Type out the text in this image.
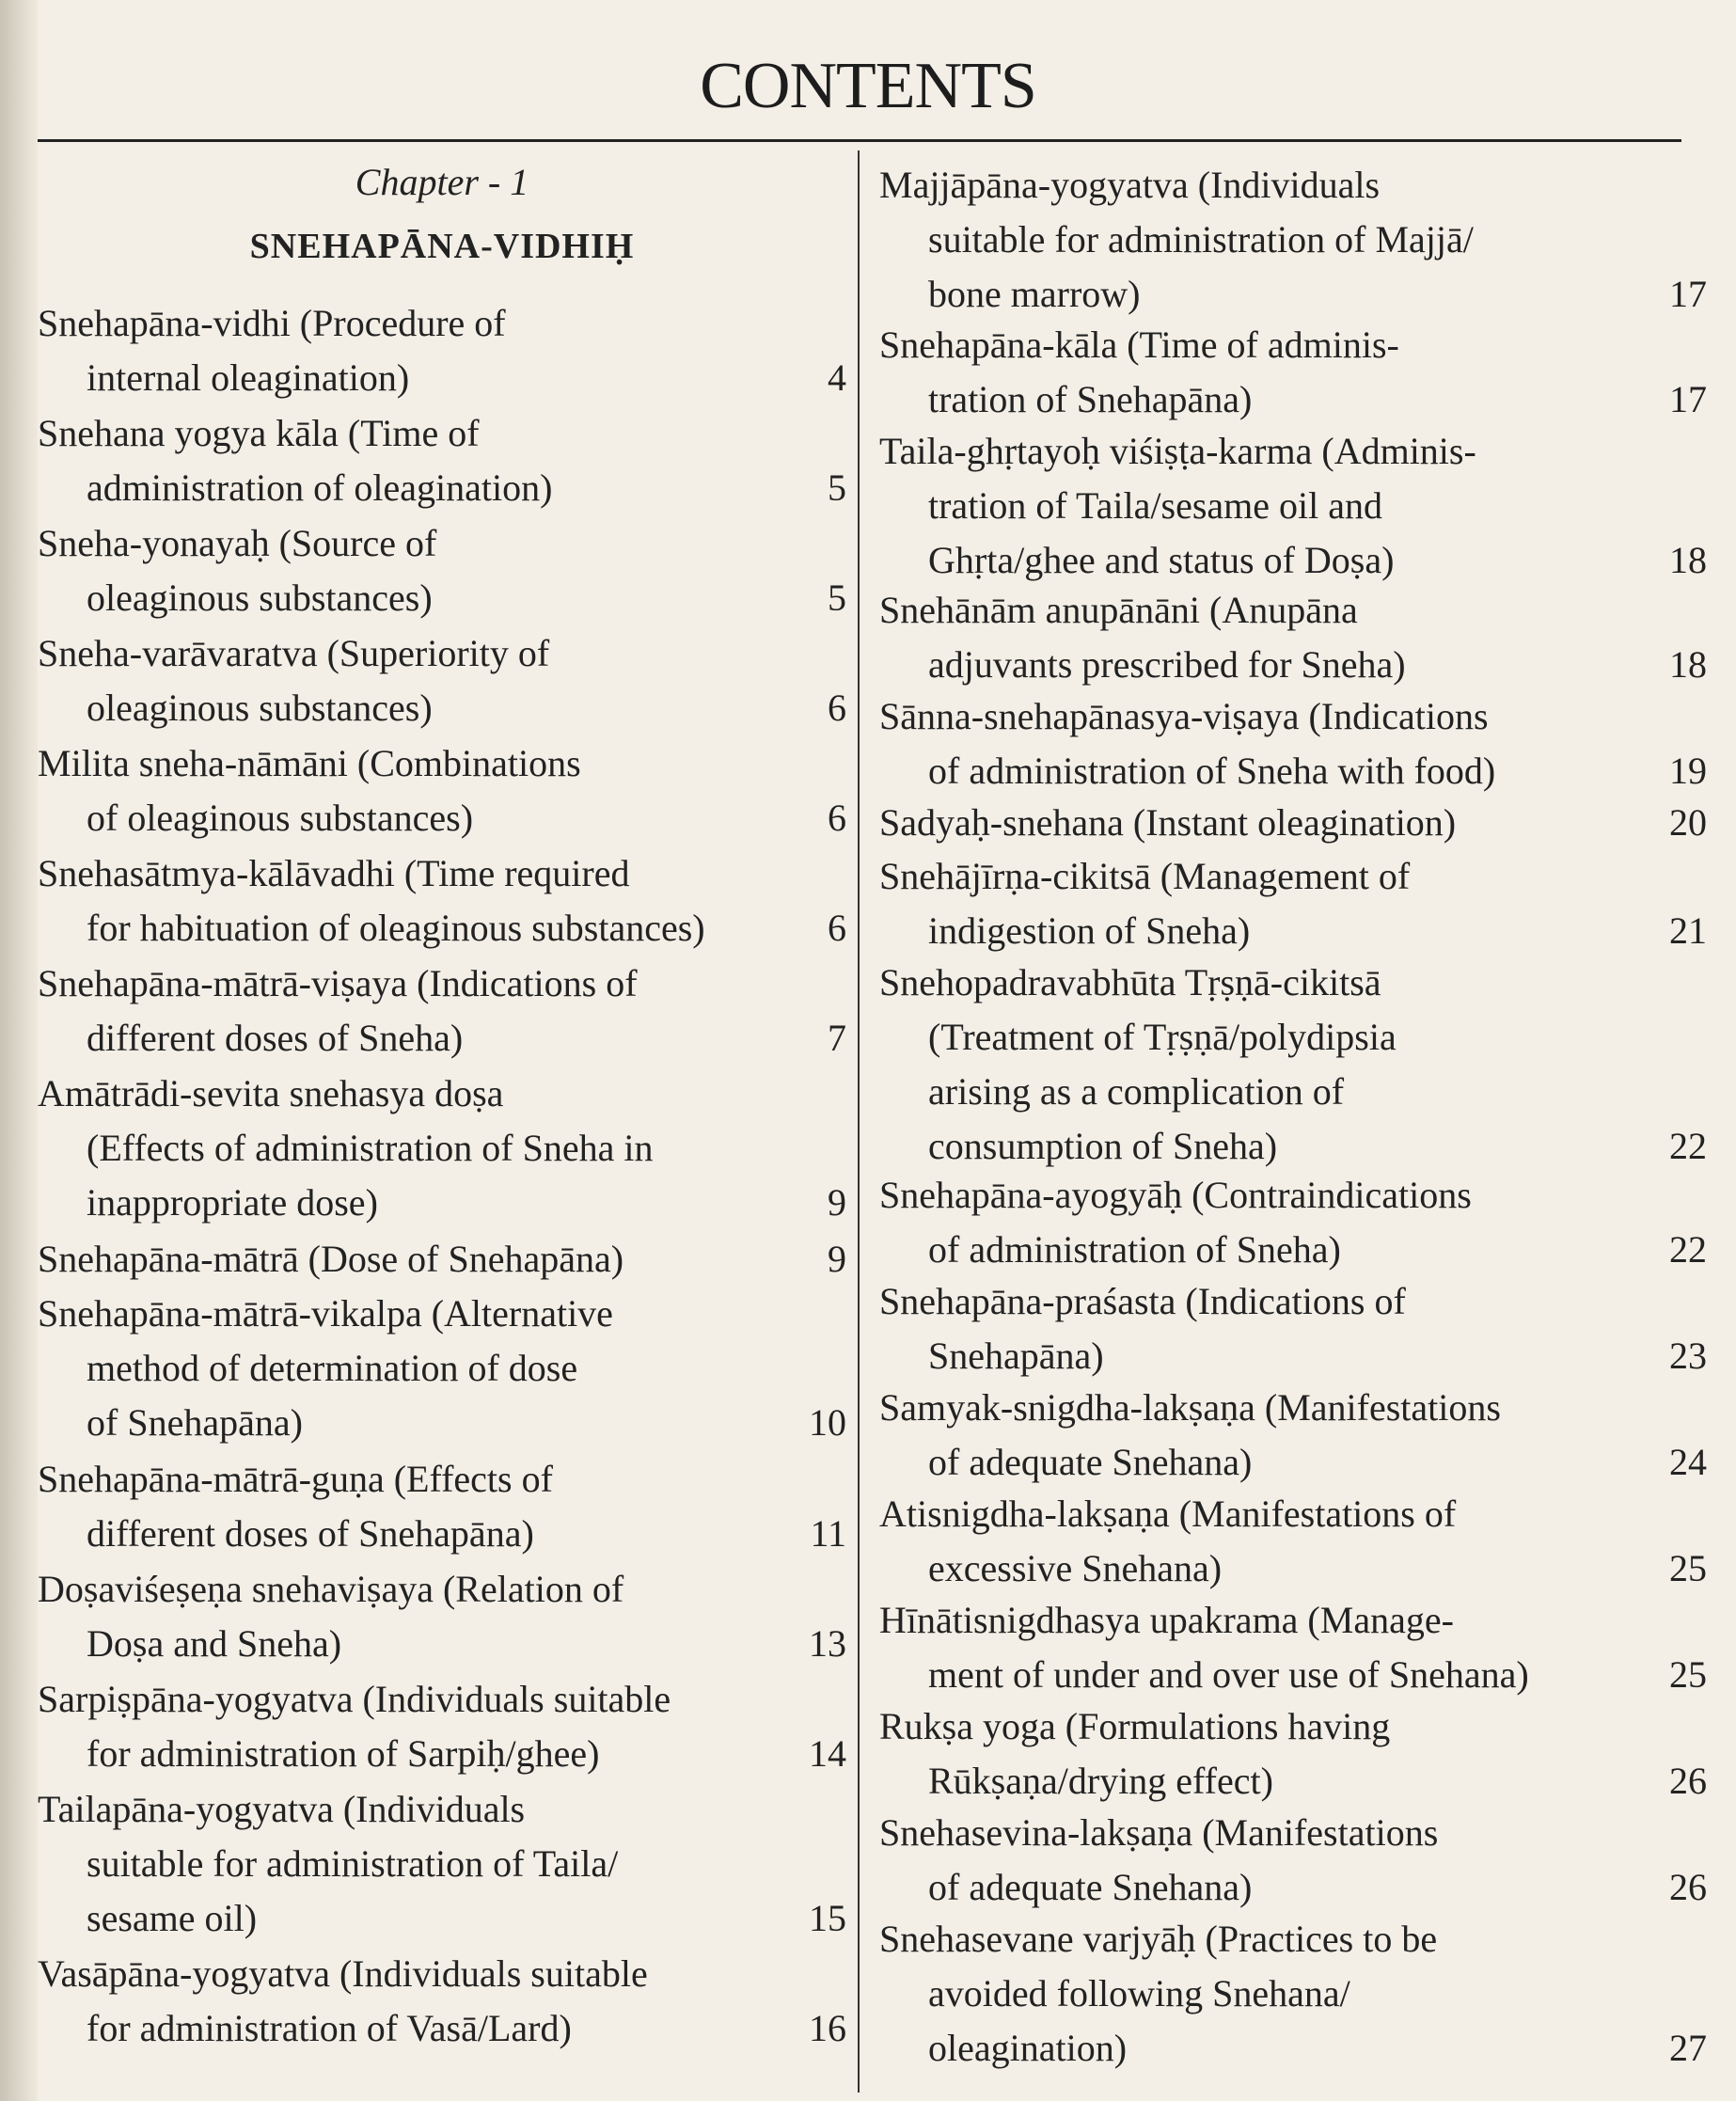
CONTENTS
Chapter - 1
SNEHAPĀNA-VIDHIḤ
Snehapāna-vidhi (Procedure of
internal oleagination)	4
Snehana yogya kāla (Time of
administration of oleagination)	5
Sneha-yonayaḥ (Source of
oleaginous substances)	5
Sneha-varāvaratva (Superiority of
oleaginous substances)	6
Milita sneha-nāmāni (Combinations
of oleaginous substances)	6
Snehasātmya-kālāvadhi (Time required
for habituation of oleaginous substances)	6
Snehapāna-mātrā-viṣaya (Indications of
different doses of Sneha)	7
Amātrādi-sevita snehasya doṣa
(Effects of administration of Sneha in
inappropriate dose)	9
Snehapāna-mātrā (Dose of Snehapāna)	9
Snehapāna-mātrā-vikalpa (Alternative
method of determination of dose
of Snehapāna)	10
Snehapāna-mātrā-guṇa (Effects of
different doses of Snehapāna)	11
Doṣaviśeṣeṇa snehaviṣaya (Relation of
Doṣa and Sneha)	13
Sarpiṣpāna-yogyatva (Individuals suitable
for administration of Sarpiḥ/ghee)	14
Tailapāna-yogyatva (Individuals
suitable for administration of Taila/
sesame oil)	15
Vasāpāna-yogyatva (Individuals suitable
for administration of Vasā/Lard)	16
Majjāpāna-yogyatva (Individuals
suitable for administration of Majjā/
bone marrow)	17
Snehapāna-kāla (Time of adminis-
tration of Snehapāna)	17
Taila-ghṛtayoḥ viśiṣṭa-karma (Adminis-
tration of Taila/sesame oil and
Ghṛta/ghee and status of Doṣa)	18
Snehānām anupānāni (Anupāna
adjuvants prescribed for Sneha)	18
Sānna-snehapānasya-viṣaya (Indications
of administration of Sneha with food)	19
Sadyaḥ-snehana (Instant oleagination)	20
Snehājīrṇa-cikitsā (Management of
indigestion of Sneha)	21
Snehopadravabhūta Tṛṣṇā-cikitsā
(Treatment of Tṛṣṇā/polydipsia
arising as a complication of
consumption of Sneha)	22
Snehapāna-ayogyāḥ (Contraindications
of administration of Sneha)	22
Snehapāna-praśasta (Indications of
Snehapāna)	23
Samyak-snigdha-lakṣaṇa (Manifestations
of adequate Snehana)	24
Atisnigdha-lakṣaṇa (Manifestations of
excessive Snehana)	25
Hīnātisnigdhasya upakrama (Manage-
ment of under and over use of Snehana)	25
Rukṣa yoga (Formulations having
Rūkṣaṇa/drying effect)	26
Snehasevina-lakṣaṇa (Manifestations
of adequate Snehana)	26
Snehasevane varjyāḥ (Practices to be
avoided following Snehana/
oleagination)	27
